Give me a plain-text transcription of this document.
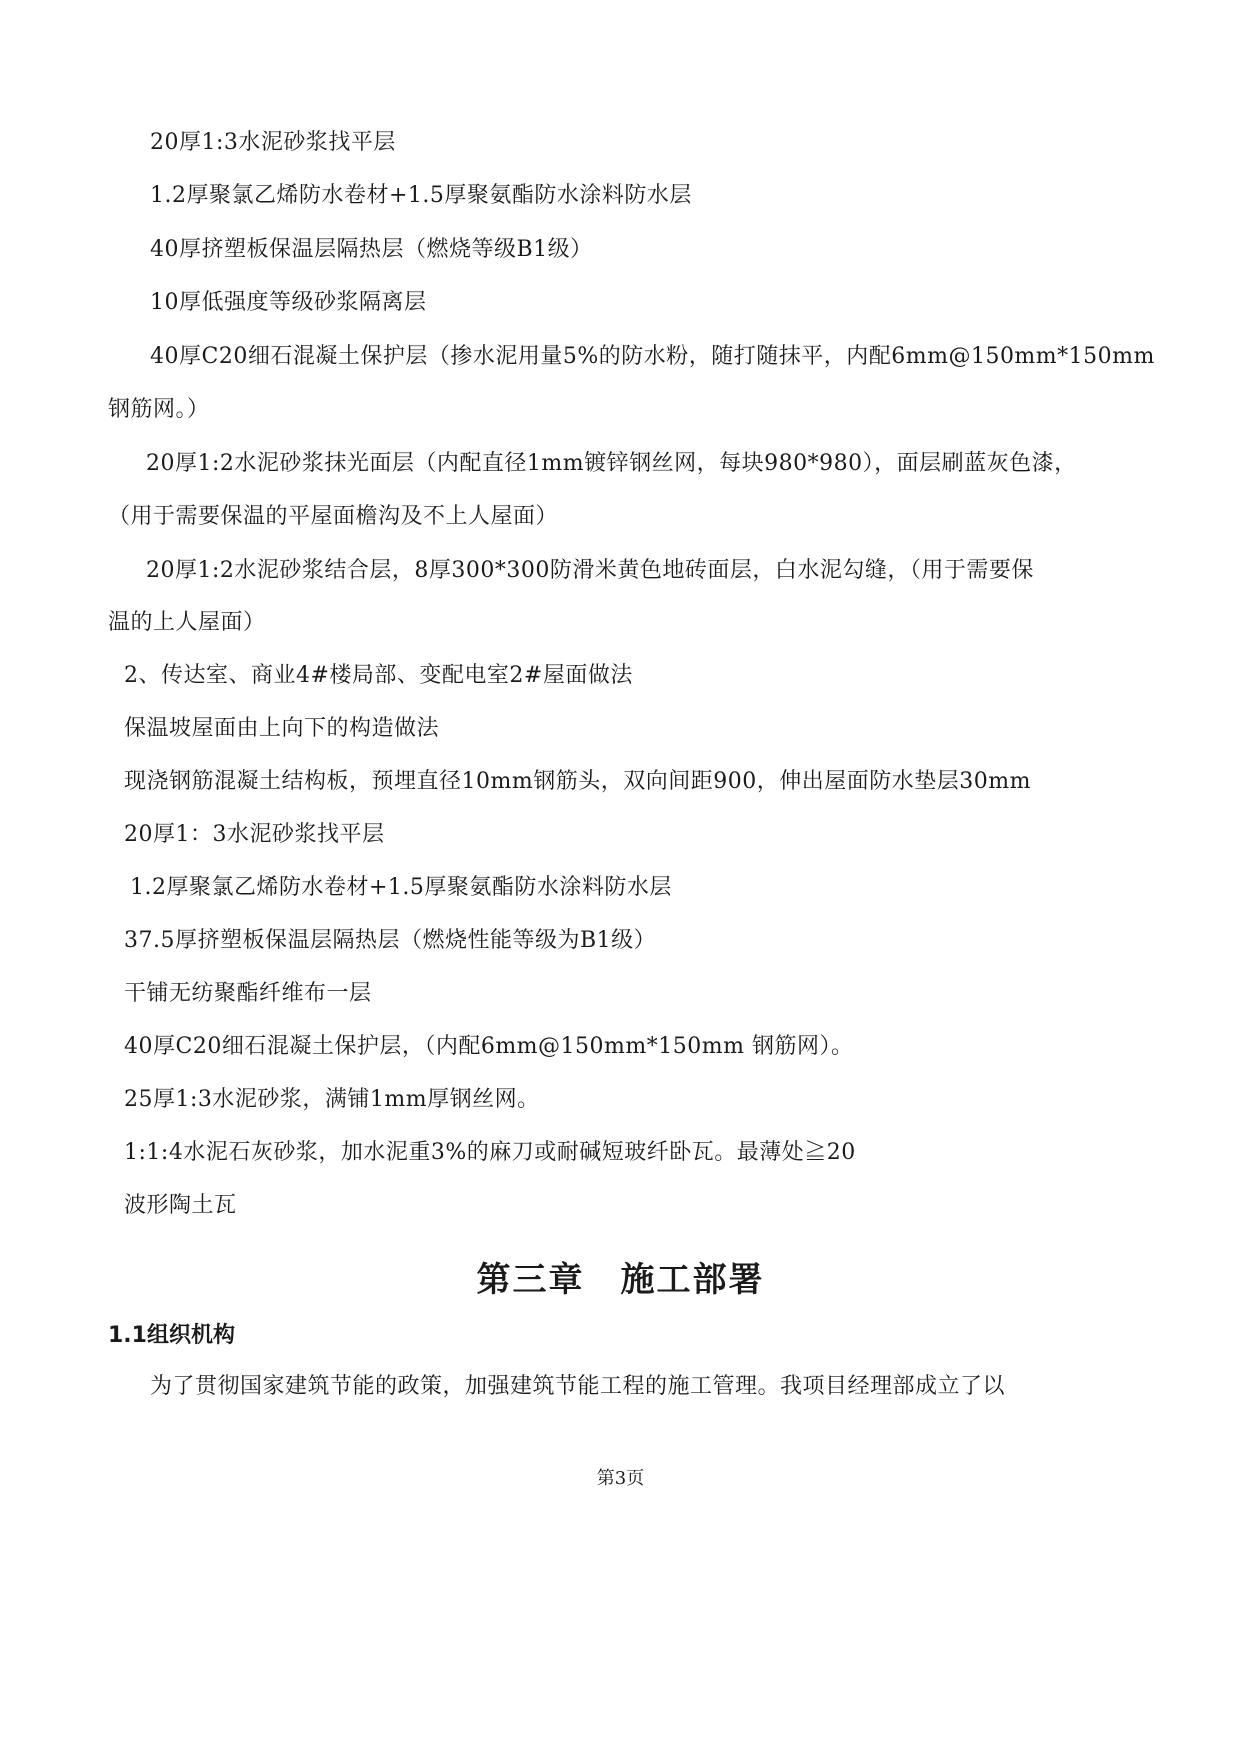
20厚1:3水泥砂浆找平层
1.2厚聚氯乙烯防水卷材+1.5厚聚氨酯防水涂料防水层
40厚挤塑板保温层隔热层（燃烧等级B1级）
10厚低强度等级砂浆隔离层
40厚C20细石混凝土保护层（掺水泥用量5%的防水粉，随打随抹平，内配6mm@150mm*150mm
钢筋网。）
20厚1:2水泥砂浆抹光面层（内配直径1mm镀锌钢丝网，每块980*980），面层刷蓝灰色漆，
（用于需要保温的平屋面檐沟及不上人屋面）
20厚1:2水泥砂浆结合层，8厚300*300防滑米黄色地砖面层，白水泥勾缝，（用于需要保
温的上人屋面）
2、传达室、商业4#楼局部、变配电室2#屋面做法
保温坡屋面由上向下的构造做法
现浇钢筋混凝土结构板，预埋直径10mm钢筋头，双向间距900，伸出屋面防水垫层30mm
20厚1：3水泥砂浆找平层
1.2厚聚氯乙烯防水卷材+1.5厚聚氨酯防水涂料防水层
37.5厚挤塑板保温层隔热层（燃烧性能等级为B1级）
干铺无纺聚酯纤维布一层
40厚C20细石混凝土保护层，（内配6mm@150mm*150mm 钢筋网）。
25厚1:3水泥砂浆，满铺1mm厚钢丝网。
1:1:4水泥石灰砂浆，加水泥重3%的麻刀或耐碱短玻纤卧瓦。最薄处≧20
波形陶土瓦
第三章　施工部署
1.1组织机构
为了贯彻国家建筑节能的政策，加强建筑节能工程的施工管理。我项目经理部成立了以
第3页
